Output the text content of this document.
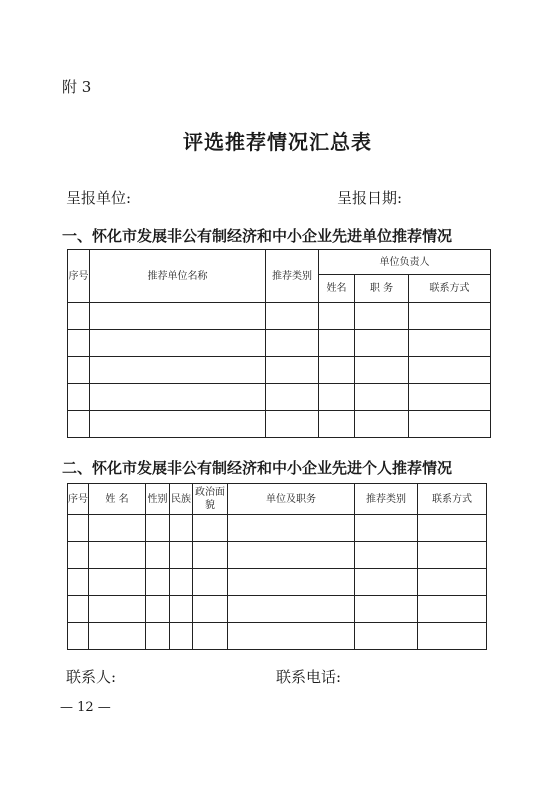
附 3
评选推荐情况汇总表
呈报单位:	呈报日期:
一、怀化市发展非公有制经济和中小企业先进单位推荐情况
序号	推荐单位名称	推荐类别	单位负责人		
			姓名	职 务	联系方式

二、怀化市发展非公有制经济和中小企业先进个人推荐情况
序号	姓 名	性别	民族	政治面貌	单位及职务	推荐类别	联系方式

联系人:	联系电话:
— 12 —
